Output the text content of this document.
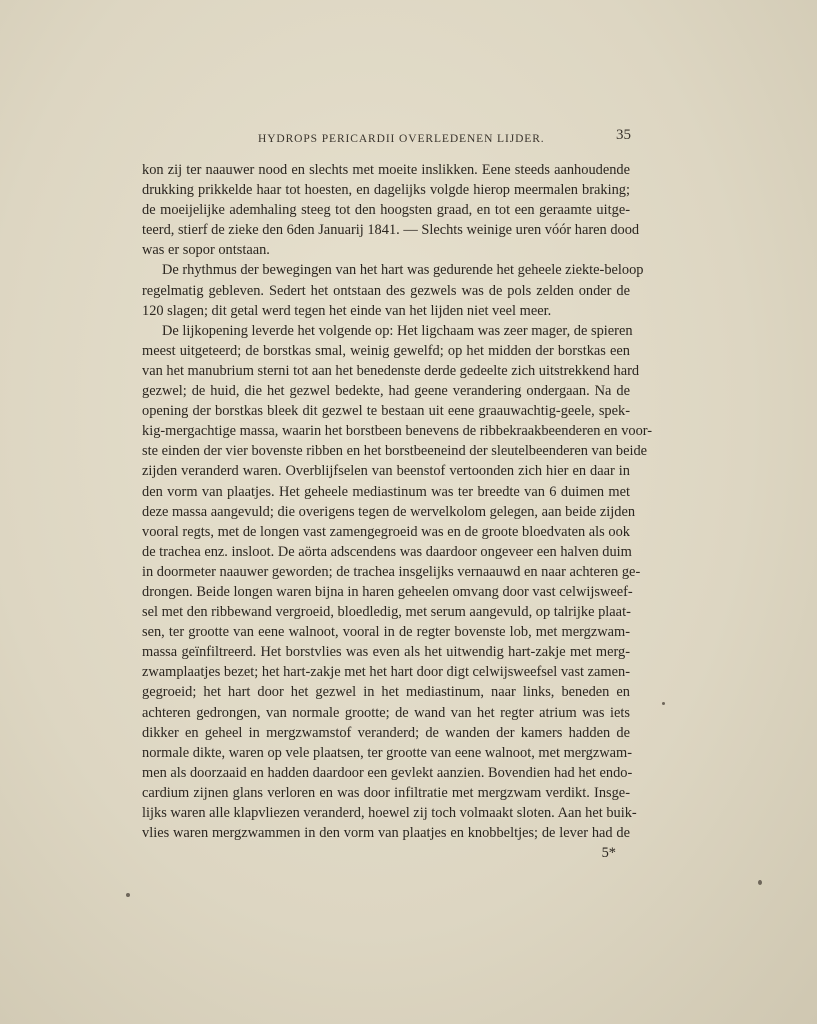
HYDROPS PERICARDII OVERLEDENEN LIJDER.	35
kon zij ter naauwer nood en slechts met moeite inslikken. Eene steeds aanhoudende
drukking prikkelde haar tot hoesten, en dagelijks volgde hierop meermalen braking;
de moeijelijke ademhaling steeg tot den hoogsten graad, en tot een geraamte uitge-
teerd, stierf de zieke den 6den Januarij 1841. — Slechts weinige uren vóór haren dood
was er sopor ontstaan.
De rhythmus der bewegingen van het hart was gedurende het geheele ziekte-beloop
regelmatig gebleven. Sedert het ontstaan des gezwels was de pols zelden onder de
120 slagen; dit getal werd tegen het einde van het lijden niet veel meer.
De lijkopening leverde het volgende op: Het ligchaam was zeer mager, de spieren
meest uitgeteerd; de borstkas smal, weinig gewelfd; op het midden der borstkas een
van het manubrium sterni tot aan het benedenste derde gedeelte zich uitstrekkend hard
gezwel; de huid, die het gezwel bedekte, had geene verandering ondergaan. Na de
opening der borstkas bleek dit gezwel te bestaan uit eene graauwachtig-geele, spek-
kig-mergachtige massa, waarin het borstbeen benevens de ribbekraakbeenderen en voor-
ste einden der vier bovenste ribben en het borstbeeneind der sleutelbeenderen van beide
zijden veranderd waren. Overblijfselen van beenstof vertoonden zich hier en daar in
den vorm van plaatjes. Het geheele mediastinum was ter breedte van 6 duimen met
deze massa aangevuld; die overigens tegen de wervelkolom gelegen, aan beide zijden
vooral regts, met de longen vast zamengegroeid was en de groote bloedvaten als ook
de trachea enz. insloot. De aörta adscendens was daardoor ongeveer een halven duim
in doormeter naauwer geworden; de trachea insgelijks vernaauwd en naar achteren ge-
drongen. Beide longen waren bijna in haren geheelen omvang door vast celwijsweef-
sel met den ribbewand vergroeid, bloedledig, met serum aangevuld, op talrijke plaat-
sen, ter grootte van eene walnoot, vooral in de regter bovenste lob, met mergzwam-
massa geïnfiltreerd. Het borstvlies was even als het uitwendig hart-zakje met merg-
zwamplaatjes bezet; het hart-zakje met het hart door digt celwijsweefsel vast zamen-
gegroeid; het hart door het gezwel in het mediastinum, naar links, beneden en
achteren gedrongen, van normale grootte; de wand van het regter atrium was iets
dikker en geheel in mergzwamstof veranderd; de wanden der kamers hadden de
normale dikte, waren op vele plaatsen, ter grootte van eene walnoot, met mergzwam-
men als doorzaaid en hadden daardoor een gevlekt aanzien. Bovendien had het endo-
cardium zijnen glans verloren en was door infiltratie met mergzwam verdikt. Insge-
lijks waren alle klapvliezen veranderd, hoewel zij toch volmaakt sloten. Aan het buik-
vlies waren mergzwammen in den vorm van plaatjes en knobbeltjes; de lever had de
5*
